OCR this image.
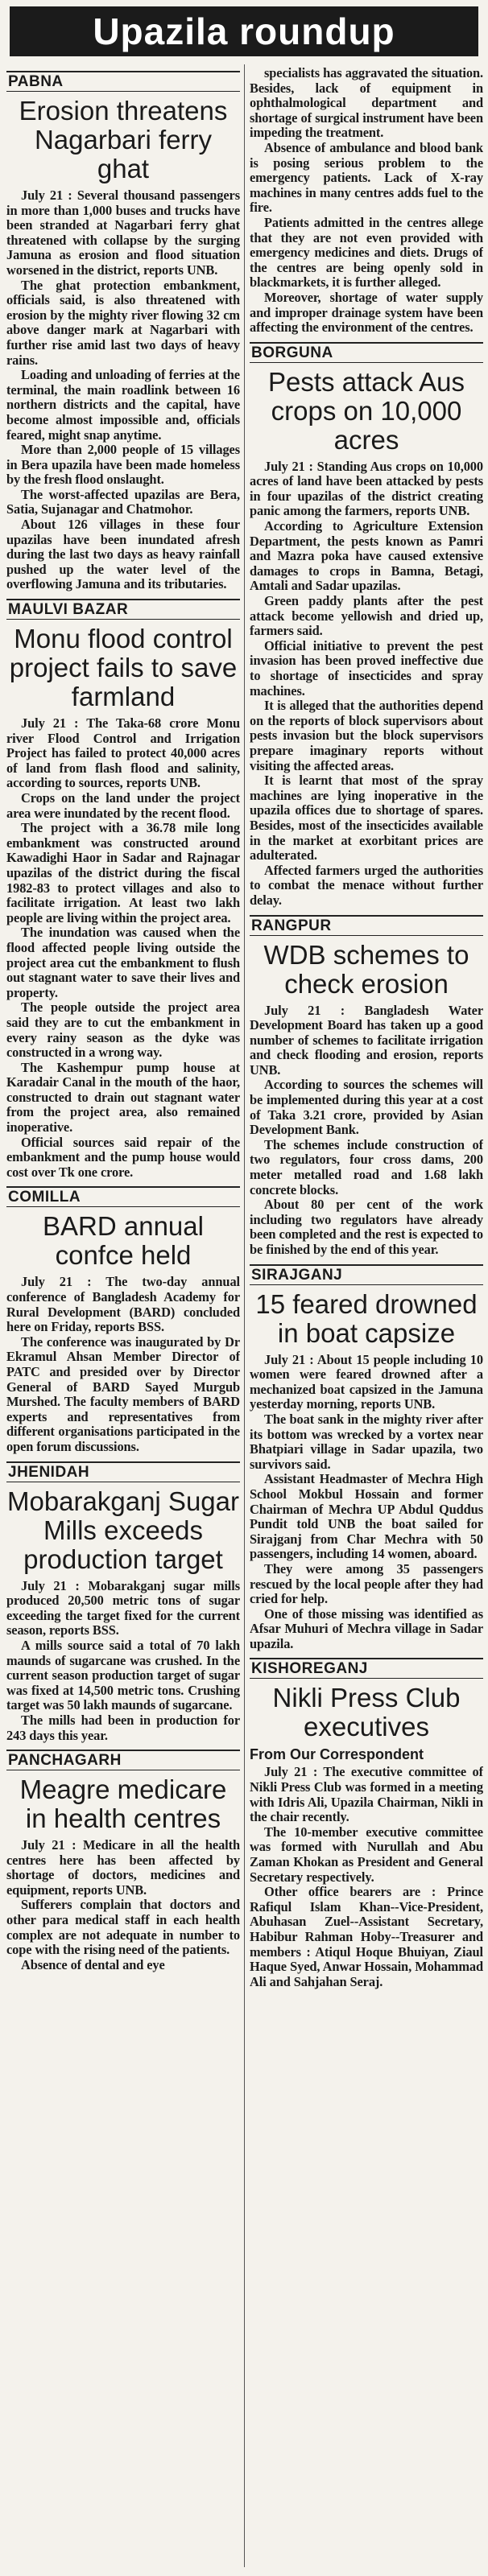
Upazila roundup
PABNA
Erosion threatens Nagarbari ferry ghat

July 21 : Several thousand passengers in more than 1,000 buses and trucks have been stranded at Nagarbari ferry ghat threatened with collapse by the surging Jamuna as erosion and flood situation worsened in the district, reports UNB.

The ghat protection embankment, officials said, is also threatened with erosion by the mighty river flowing 32 cm above danger mark at Nagarbari with further rise amid last two days of heavy rains.

Loading and unloading of ferries at the terminal, the main roadlink between 16 northern districts and the capital, have become almost impossible and, officials feared, might snap anytime.

More than 2,000 people of 15 villages in Bera upazila have been made homeless by the fresh flood onslaught.

The worst-affected upazilas are Bera, Satia, Sujanagar and Chatmohor.

About 126 villages in these four upazilas have been inundated afresh during the last two days as heavy rainfall pushed up the water level of the overflowing Jamuna and its tributaries.

MAULVI BAZAR
Monu flood control project fails to save farmland

July 21 : The Taka-68 crore Monu river Flood Control and Irrigation Project has failed to protect 40,000 acres of land from flash flood and salinity, according to sources, reports UNB.

Crops on the land under the project area were inundated by the recent flood.

The project with a 36.78 mile long embankment was constructed around Kawadighi Haor in Sadar and Rajnagar upazilas of the district during the fiscal 1982-83 to protect villages and also to facilitate irrigation. At least two lakh people are living within the project area.

The inundation was caused when the flood affected people living outside the project area cut the embankment to flush out stagnant water to save their lives and property.

The people outside the project area said they are to cut the embankment in every rainy season as the dyke was constructed in a wrong way.

The Kashempur pump house at Karadair Canal in the mouth of the haor, constructed to drain out stagnant water from the project area, also remained inoperative.

Official sources said repair of the embankment and the pump house would cost over Tk one crore.

COMILLA
BARD annual confce held

July 21 : The two-day annual conference of Bangladesh Academy for Rural Development (BARD) concluded here on Friday, reports BSS.

The conference was inaugurated by Dr Ekramul Ahsan Member Director of PATC and presided over by Director General of BARD Sayed Murgub Murshed. The faculty members of BARD experts and representatives from different organisations participated in the open forum discussions.

JHENIDAH
Mobarakganj Sugar Mills exceeds production target

July 21 : Mobarakganj sugar mills produced 20,500 metric tons of sugar exceeding the target fixed for the current season, reports BSS.

A mills source said a total of 70 lakh maunds of sugarcane was crushed. In the current season production target of sugar was fixed at 14,500 metric tons. Crushing target was 50 lakh maunds of sugarcane.

The mills had been in production for 243 days this year.

PANCHAGARH
Meagre medicare in health centres

July 21 : Medicare in all the health centres here has been affected by shortage of doctors, medicines and equipment, reports UNB.

Sufferers complain that doctors and other para medical staff in each health complex are not adequate in number to cope with the rising need of the patients.

Absence of dental and eye

specialists has aggravated the situation. Besides, lack of equipment in ophthalmological department and shortage of surgical instrument have been impeding the treatment.

Absence of ambulance and blood bank is posing serious problem to the emergency patients. Lack of X-ray machines in many centres adds fuel to the fire.

Patients admitted in the centres allege that they are not even provided with emergency medicines and diets. Drugs of the centres are being openly sold in blackmarkets, it is further alleged.

Moreover, shortage of water supply and improper drainage system have been affecting the environment of the centres.

BORGUNA
Pests attack Aus crops on 10,000 acres

July 21 : Standing Aus crops on 10,000 acres of land have been attacked by pests in four upazilas of the district creating panic among the farmers, reports UNB.

According to Agriculture Extension Department, the pests known as Pamri and Mazra poka have caused extensive damages to crops in Bamna, Betagi, Amtali and Sadar upazilas.

Green paddy plants after the pest attack become yellowish and dried up, farmers said.

Official initiative to prevent the pest invasion has been proved ineffective due to shortage of insecticides and spray machines.

It is alleged that the authorities depend on the reports of block supervisors about pests invasion but the block supervisors prepare imaginary reports without visiting the affected areas.

It is learnt that most of the spray machines are lying inoperative in the upazila offices due to shortage of spares. Besides, most of the insecticides available in the market at exorbitant prices are adulterated.

Affected farmers urged the authorities to combat the menace without further delay.

RANGPUR
WDB schemes to check erosion

July 21 : Bangladesh Water Development Board has taken up a good number of schemes to facilitate irrigation and check flooding and erosion, reports UNB.

According to sources the schemes will be implemented during this year at a cost of Taka 3.21 crore, provided by Asian Development Bank.

The schemes include construction of two regulators, four cross dams, 200 meter metalled road and 1.68 lakh concrete blocks.

About 80 per cent of the work including two regulators have already been completed and the rest is expected to be finished by the end of this year.

SIRAJGANJ
15 feared drowned in boat capsize

July 21 : About 15 people including 10 women were feared drowned after a mechanized boat capsized in the Jamuna yesterday morning, reports UNB.

The boat sank in the mighty river after its bottom was wrecked by a vortex near Bhatpiari village in Sadar upazila, two survivors said.

Assistant Headmaster of Mechra High School Mokbul Hossain and former Chairman of Mechra UP Abdul Quddus Pundit told UNB the boat sailed for Sirajganj from Char Mechra with 50 passengers, including 14 women, aboard.

They were among 35 passengers rescued by the local people after they had cried for help.

One of those missing was identified as Afsar Muhuri of Mechra village in Sadar upazila.

KISHOREGANJ
Nikli Press Club executives
From Our Correspondent

July 21 : The executive committee of Nikli Press Club was formed in a meeting with Idris Ali, Upazila Chairman, Nikli in the chair recently.

The 10-member executive committee was formed with Nurullah and Abu Zaman Khokan as President and General Secretary respectively.

Other office bearers are : Prince Rafiqul Islam Khan--Vice-President, Abuhasan Zuel--Assistant Secretary, Habibur Rahman Hoby--Treasurer and members : Atiqul Hoque Bhuiyan, Ziaul Haque Syed, Anwar Hossain, Mohammad Ali and Sahjahan Seraj.
